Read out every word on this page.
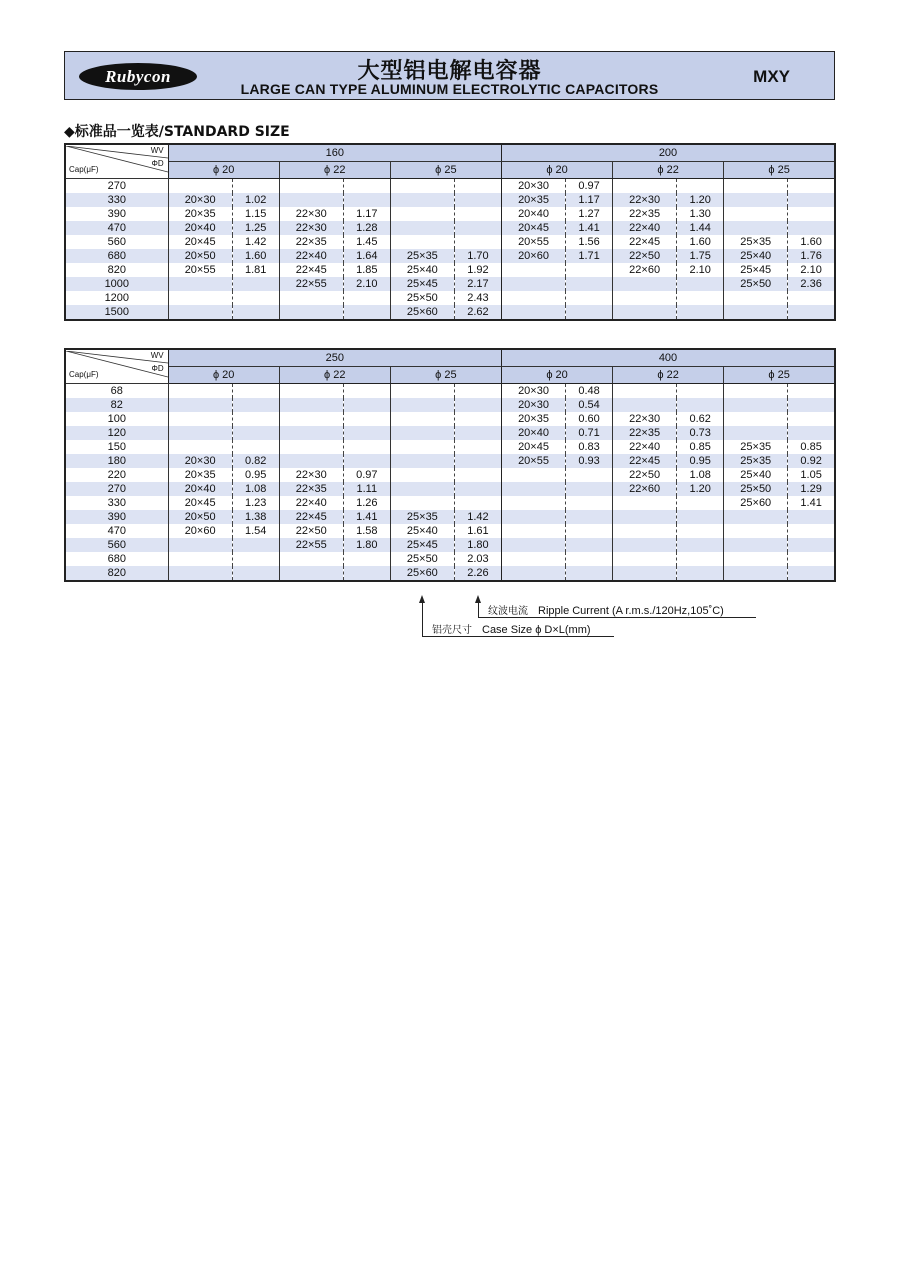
Rubycon	大型铝电解电容器
LARGE CAN TYPE ALUMINUM ELECTROLYTIC CAPACITORS
MXY
◆标准品一览表/STANDARD SIZE
WV
ΦD
Cap(μF)	160						200					
	ϕ 20		ϕ 22		ϕ 25		ϕ 20		ϕ 22		ϕ 25	
270							20×30	0.97				
330	20×30	1.02					20×35	1.17	22×30	1.20		
390	20×35	1.15	22×30	1.17			20×40	1.27	22×35	1.30		
470	20×40	1.25	22×30	1.28			20×45	1.41	22×40	1.44		
560	20×45	1.42	22×35	1.45			20×55	1.56	22×45	1.60	25×35	1.60
680	20×50	1.60	22×40	1.64	25×35	1.70	20×60	1.71	22×50	1.75	25×40	1.76
820	20×55	1.81	22×45	1.85	25×40	1.92			22×60	2.10	25×45	2.10
1000			22×55	2.10	25×45	2.17					25×50	2.36
1200					25×50	2.43						
1500					25×60	2.62						
WV
ΦD
Cap(μF)	250						400					
	ϕ 20		ϕ 22		ϕ 25		ϕ 20		ϕ 22		ϕ 25	
68							20×30	0.48				
82							20×30	0.54				
100							20×35	0.60	22×30	0.62		
120							20×40	0.71	22×35	0.73		
150							20×45	0.83	22×40	0.85	25×35	0.85
180	20×30	0.82					20×55	0.93	22×45	0.95	25×35	0.92
220	20×35	0.95	22×30	0.97					22×50	1.08	25×40	1.05
270	20×40	1.08	22×35	1.11					22×60	1.20	25×50	1.29
330	20×45	1.23	22×40	1.26							25×60	1.41
390	20×50	1.38	22×45	1.41	25×35	1.42						
470	20×60	1.54	22×50	1.58	25×40	1.61						
560			22×55	1.80	25×45	1.80						
680					25×50	2.03						
820					25×60	2.26						
纹波电流 Ripple Current (A r.m.s./120Hz,105˚C)
铝壳尺寸 Case Size ϕ D×L(mm)
